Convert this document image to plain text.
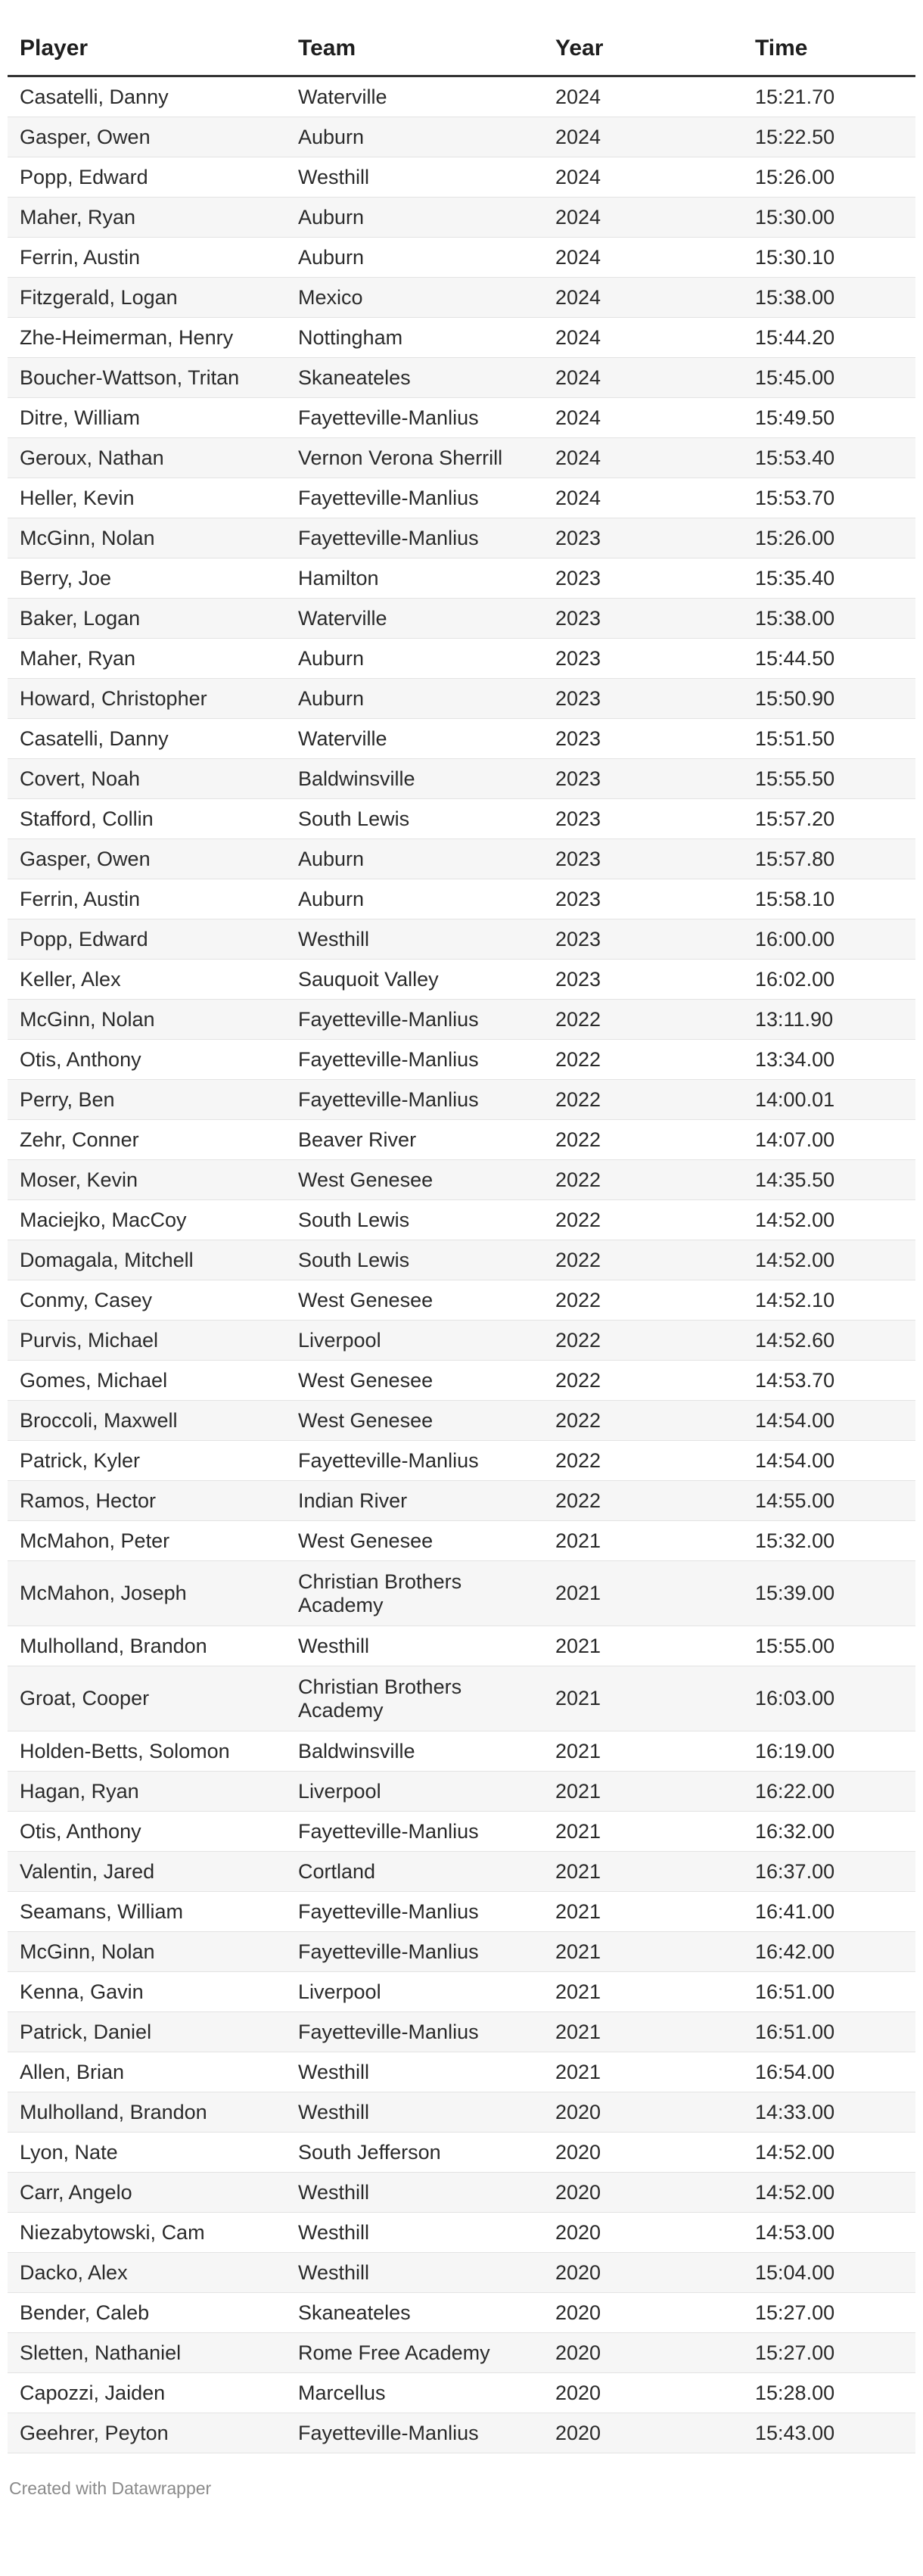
Player	Team	Year	Time
Casatelli, Danny	Waterville	2024	15:21.70
Gasper, Owen	Auburn	2024	15:22.50
Popp, Edward	Westhill	2024	15:26.00
Maher, Ryan	Auburn	2024	15:30.00
Ferrin, Austin	Auburn	2024	15:30.10
Fitzgerald, Logan	Mexico	2024	15:38.00
Zhe-Heimerman, Henry	Nottingham	2024	15:44.20
Boucher-Wattson, Tritan	Skaneateles	2024	15:45.00
Ditre, William	Fayetteville-Manlius	2024	15:49.50
Geroux, Nathan	Vernon Verona Sherrill	2024	15:53.40
Heller, Kevin	Fayetteville-Manlius	2024	15:53.70
McGinn, Nolan	Fayetteville-Manlius	2023	15:26.00
Berry, Joe	Hamilton	2023	15:35.40
Baker, Logan	Waterville	2023	15:38.00
Maher, Ryan	Auburn	2023	15:44.50
Howard, Christopher	Auburn	2023	15:50.90
Casatelli, Danny	Waterville	2023	15:51.50
Covert, Noah	Baldwinsville	2023	15:55.50
Stafford, Collin	South Lewis	2023	15:57.20
Gasper, Owen	Auburn	2023	15:57.80
Ferrin, Austin	Auburn	2023	15:58.10
Popp, Edward	Westhill	2023	16:00.00
Keller, Alex	Sauquoit Valley	2023	16:02.00
McGinn, Nolan	Fayetteville-Manlius	2022	13:11.90
Otis, Anthony	Fayetteville-Manlius	2022	13:34.00
Perry, Ben	Fayetteville-Manlius	2022	14:00.01
Zehr, Conner	Beaver River	2022	14:07.00
Moser, Kevin	West Genesee	2022	14:35.50
Maciejko, MacCoy	South Lewis	2022	14:52.00
Domagala, Mitchell	South Lewis	2022	14:52.00
Conmy, Casey	West Genesee	2022	14:52.10
Purvis, Michael	Liverpool	2022	14:52.60
Gomes, Michael	West Genesee	2022	14:53.70
Broccoli, Maxwell	West Genesee	2022	14:54.00
Patrick, Kyler	Fayetteville-Manlius	2022	14:54.00
Ramos, Hector	Indian River	2022	14:55.00
McMahon, Peter	West Genesee	2021	15:32.00
McMahon, Joseph	Christian Brothers Academy	2021	15:39.00
Mulholland, Brandon	Westhill	2021	15:55.00
Groat, Cooper	Christian Brothers Academy	2021	16:03.00
Holden-Betts, Solomon	Baldwinsville	2021	16:19.00
Hagan, Ryan	Liverpool	2021	16:22.00
Otis, Anthony	Fayetteville-Manlius	2021	16:32.00
Valentin, Jared	Cortland	2021	16:37.00
Seamans, William	Fayetteville-Manlius	2021	16:41.00
McGinn, Nolan	Fayetteville-Manlius	2021	16:42.00
Kenna, Gavin	Liverpool	2021	16:51.00
Patrick, Daniel	Fayetteville-Manlius	2021	16:51.00
Allen, Brian	Westhill	2021	16:54.00
Mulholland, Brandon	Westhill	2020	14:33.00
Lyon, Nate	South Jefferson	2020	14:52.00
Carr, Angelo	Westhill	2020	14:52.00
Niezabytowski, Cam	Westhill	2020	14:53.00
Dacko, Alex	Westhill	2020	15:04.00
Bender, Caleb	Skaneateles	2020	15:27.00
Sletten, Nathaniel	Rome Free Academy	2020	15:27.00
Capozzi, Jaiden	Marcellus	2020	15:28.00
Geehrer, Peyton	Fayetteville-Manlius	2020	15:43.00
Created with Datawrapper
